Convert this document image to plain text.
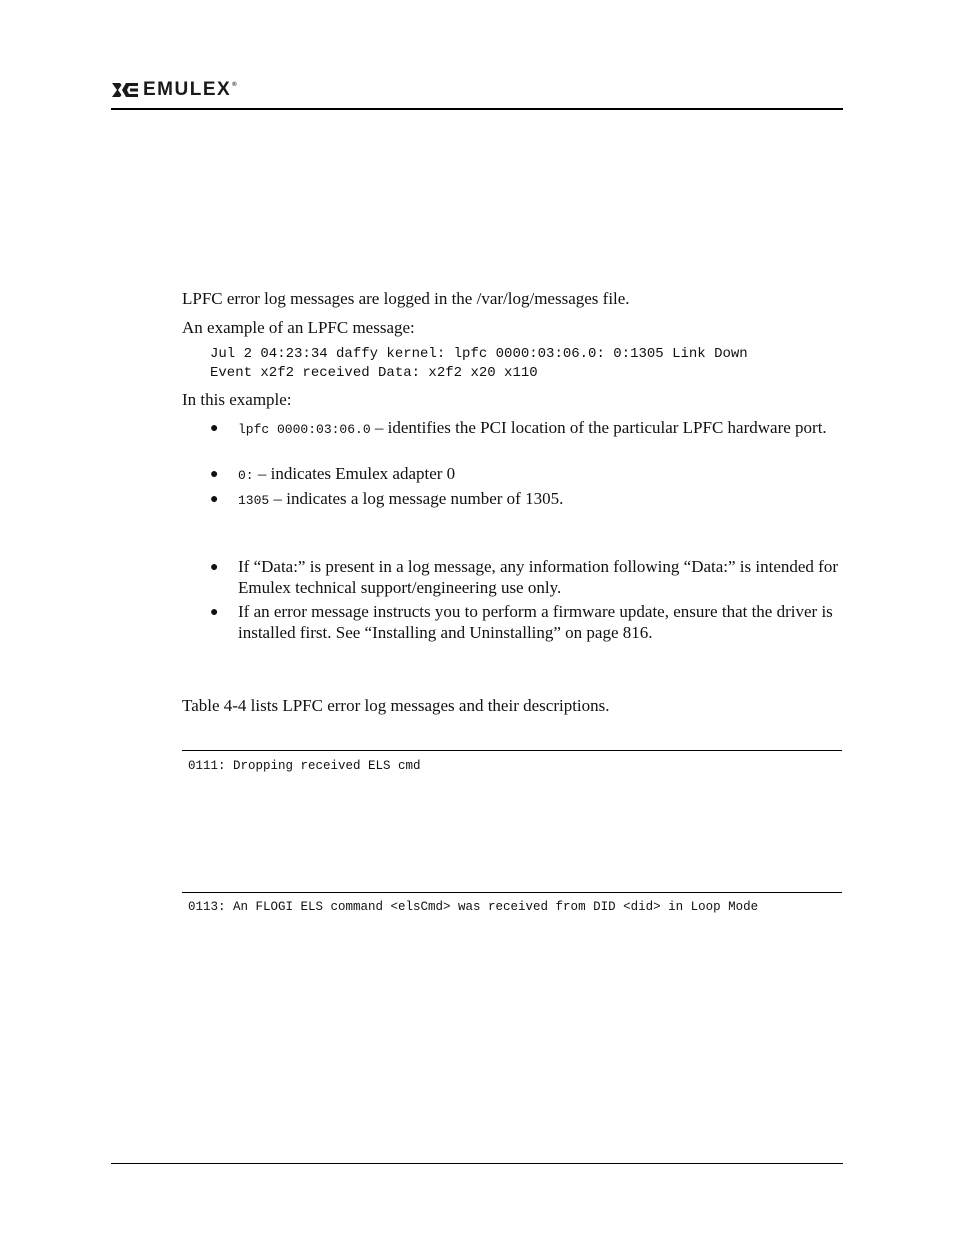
EMULEX®
LPFC error log messages are logged in the /var/log/messages file.
An example of an LPFC message:
Jul 2 04:23:34 daffy kernel: lpfc 0000:03:06.0: 0:1305 Link Down
Event x2f2 received Data: x2f2 x20 x110
In this example:
● lpfc 0000:03:06.0 – identifies the PCI location of the particular LPFC hardware port.
● 0: – indicates Emulex adapter 0
● 1305 – indicates a log message number of 1305.
● If “Data:” is present in a log message, any information following “Data:” is intended for Emulex technical support/engineering use only.
● If an error message instructs you to perform a firmware update, ensure that the driver is installed first. See “Installing and Uninstalling” on page 816.
Table 4-4 lists LPFC error log messages and their descriptions.
0111: Dropping received ELS cmd
0113: An FLOGI ELS command <elsCmd> was received from DID <did> in Loop Mode
